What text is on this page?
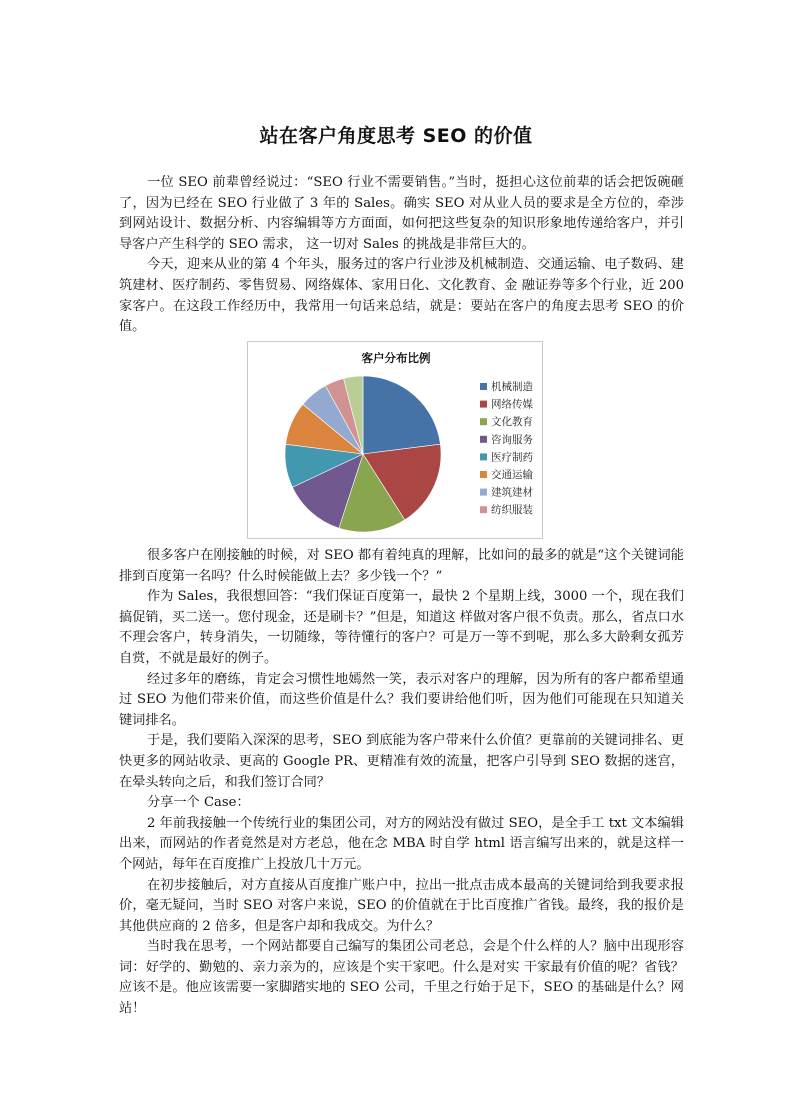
站在客户角度思考 SEO 的价值

一位 SEO 前辈曾经说过：“SEO 行业不需要销售。”当时，挺担心这位前辈的话会把饭碗砸了，因为已经在 SEO 行业做了 3 年的 Sales。确实 SEO 对从业人员的要求是全方位的，牵涉到网站设计、数据分析、内容编辑等方方面面，如何把这些复杂的知识形象地传递给客户，并引导客户产生科学的 SEO 需求， 这一切对 Sales 的挑战是非常巨大的。

今天，迎来从业的第 4 个年头，服务过的客户行业涉及机械制造、交通运输、电子数码、建筑建材、医疗制药、零售贸易、网络媒体、家用日化、文化教育、金 融证券等多个行业，近 200 家客户。在这段工作经历中，我常用一句话来总结，就是：要站在客户的角度去思考 SEO 的价值。

客户分布比例
机械制造
网络传媒
文化教育
咨询服务
医疗制药
交通运输
建筑建材
纺织服装

很多客户在刚接触的时候，对 SEO 都有着纯真的理解，比如问的最多的就是“这个关键词能排到百度第一名吗？什么时候能做上去？多少钱一个？“

作为 Sales，我很想回答：“我们保证百度第一，最快 2 个星期上线，3000 一个，现在我们搞促销，买二送一。您付现金，还是刷卡？”但是，知道这 样做对客户很不负责。那么，省点口水不理会客户，转身消失，一切随缘，等待懂行的客户？可是万一等不到呢，那么多大龄剩女孤芳自赏，不就是最好的例子。

经过多年的磨练，肯定会习惯性地嫣然一笑，表示对客户的理解，因为所有的客户都希望通过 SEO 为他们带来价值，而这些价值是什么？我们要讲给他们听，因为他们可能现在只知道关键词排名。

于是，我们要陷入深深的思考，SEO 到底能为客户带来什么价值？更靠前的关键词排名、更快更多的网站收录、更高的 Google PR、更精准有效的流量，把客户引导到 SEO 数据的迷宫，在晕头转向之后，和我们签订合同？

分享一个 Case：

2 年前我接触一个传统行业的集团公司，对方的网站没有做过 SEO，是全手工 txt 文本编辑出来，而网站的作者竟然是对方老总，他在念 MBA 时自学 html 语言编写出来的，就是这样一个网站，每年在百度推广上投放几十万元。

在初步接触后，对方直接从百度推广账户中，拉出一批点击成本最高的关键词给到我要求报价，毫无疑问，当时 SEO 对客户来说，SEO 的价值就在于比百度推广省钱。最终，我的报价是其他供应商的 2 倍多，但是客户却和我成交。为什么？

当时我在思考，一个网站都要自己编写的集团公司老总，会是个什么样的人？脑中出现形容词：好学的、勤勉的、亲力亲为的，应该是个实干家吧。什么是对实 干家最有价值的呢？省钱？应该不是。他应该需要一家脚踏实地的 SEO 公司，千里之行始于足下，SEO 的基础是什么？网站！
